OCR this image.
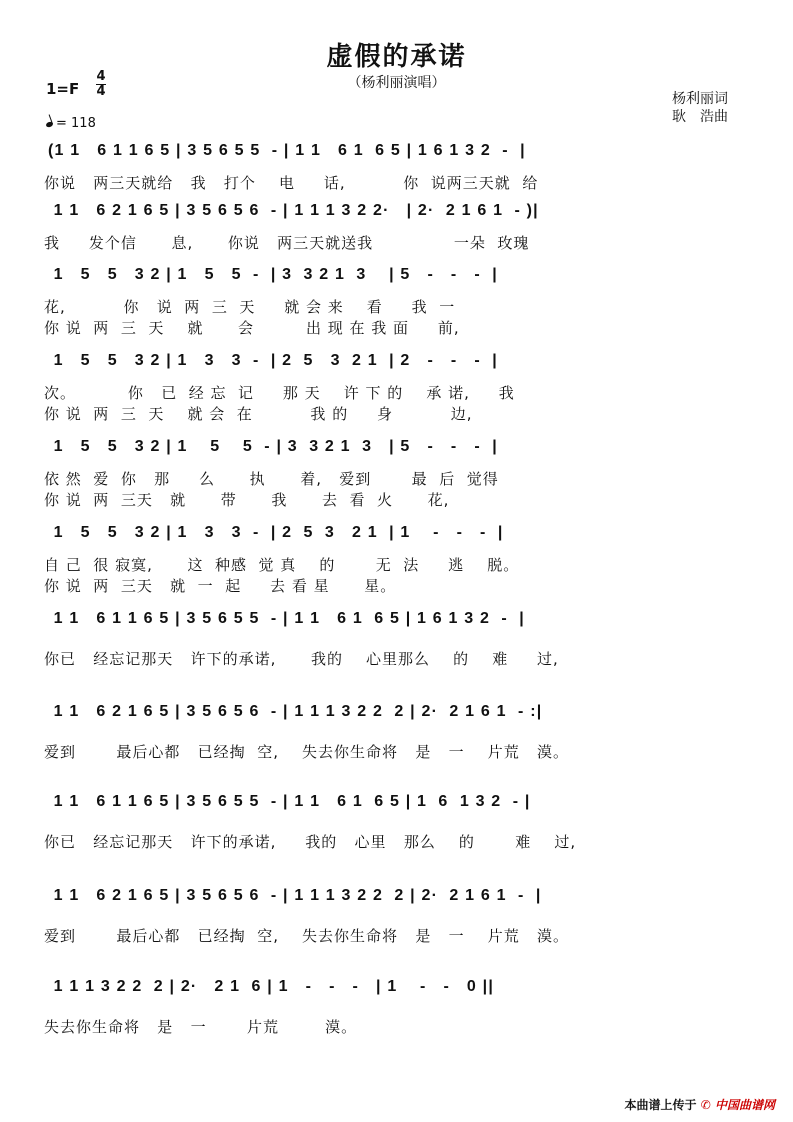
虚假的承诺
（杨利丽演唱）
1=F
4
4
= 118
杨利丽词
耿　浩曲
(1 1   6 1 1 6 5 | 3 5 6 5 5  - | 1 1   6 1  6 5 | 1 6 1 3 2  -  |
你说   两三天就给   我   打个    电     话,          你  说两三天就  给
1 1   6 2 1 6 5 | 3 5 6 5 6  - | 1 1 1 3 2 2·   | 2·  2 1 6 1  - )|
我     发个信      息,      你说   两三天就送我              一朵  玫瑰
1   5   5   3 2 | 1   5   5  -  | 3  3 2 1  3    | 5   -   -   -  |
花,          你   说  两  三  天     就 会 来    看     我  一
你 说  两  三  天    就      会         出 现 在 我 面     前,
1   5   5   3 2 | 1   3   3  -  | 2  5   3  2 1  | 2   -   -   -  |
次。         你   已  经 忘  记     那 天    许 下 的    承 诺,     我
你 说  两  三  天    就 会  在          我 的     身          边,
1   5   5   3 2 | 1    5    5  - | 3  3 2 1  3   | 5   -   -   -  |
依 然  爱  你   那     么      执      着,   爱到       最  后  觉得
你 说  两  三天   就      带      我      去  看  火      花,
1   5   5   3 2 | 1   3   3  -  | 2  5  3   2 1  | 1    -   -   -  |
自 己  很 寂寞,      这  种感  觉 真    的       无  法     逃    脱。
你 说  两  三天   就  一  起     去 看 星      星。
1 1   6 1 1 6 5 | 3 5 6 5 5  - | 1 1   6 1  6 5 | 1 6 1 3 2  -  |
你已   经忘记那天   许下的承诺,      我的    心里那么    的    难     过,
1 1   6 2 1 6 5 | 3 5 6 5 6  - | 1 1 1 3 2 2  2 | 2·  2 1 6 1  - :|
爱到       最后心都   已经掏  空,    失去你生命将   是   一    片荒   漠。
1 1   6 1 1 6 5 | 3 5 6 5 5  - | 1 1   6 1  6 5 | 1  6  1 3 2  - |
你已   经忘记那天   许下的承诺,     我的   心里   那么    的       难    过,
1 1   6 2 1 6 5 | 3 5 6 5 6  - | 1 1 1 3 2 2  2 | 2·  2 1 6 1  -  |
爱到       最后心都   已经掏  空,    失去你生命将   是   一    片荒   漠。
1 1 1 3 2 2  2 | 2·   2 1  6 | 1   -   -   -   | 1    -   -   0 ||
失去你生命将   是   一       片荒        漠。
本曲谱上传于 ✆ 中国曲谱网
